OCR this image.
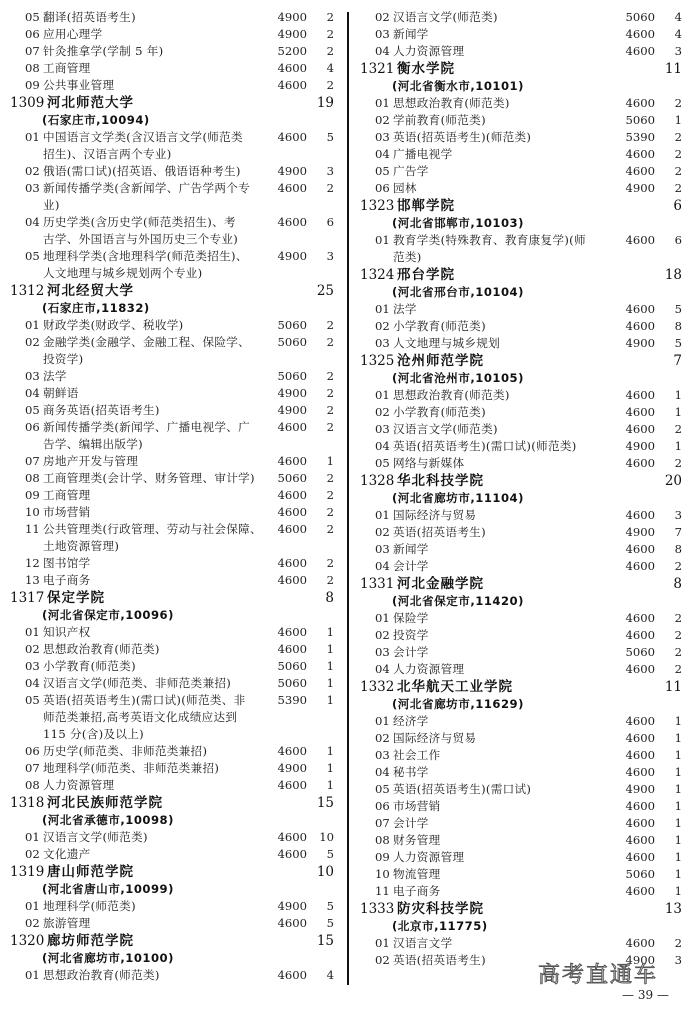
05 翻译(招英语考生)	4900	2
06 应用心理学	4900	2
07 针灸推拿学(学制 5 年)	5200	2
08 工商管理	4600	4
09 公共事业管理	4600	2
1309 河北师范大学	19
(石家庄市,10094)
01 中国语言文学类(含汉语言文学(师范类	4600	5
招生)、汉语言两个专业)
02 俄语(需口试)(招英语、俄语语种考生)	4900	3
03 新闻传播学类(含新闻学、广告学两个专	4600	2
业)
04 历史学类(含历史学(师范类招生)、考	4600	6
古学、外国语言与外国历史三个专业)
05 地理科学类(含地理科学(师范类招生)、	4900	3
人文地理与城乡规划两个专业)
1312 河北经贸大学	25
(石家庄市,11832)
01 财政学类(财政学、税收学)	5060	2
02 金融学类(金融学、金融工程、保险学、	5060	2
投资学)
03 法学	5060	2
04 朝鲜语	4900	2
05 商务英语(招英语考生)	4900	2
06 新闻传播学类(新闻学、广播电视学、广	4600	2
告学、编辑出版学)
07 房地产开发与管理	4600	1
08 工商管理类(会计学、财务管理、审计学)	5060	2
09 工商管理	4600	2
10 市场营销	4600	2
11 公共管理类(行政管理、劳动与社会保障、	4600	2
土地资源管理)
12 图书馆学	4600	2
13 电子商务	4600	2
1317 保定学院	8
(河北省保定市,10096)
01 知识产权	4600	1
02 思想政治教育(师范类)	4600	1
03 小学教育(师范类)	5060	1
04 汉语言文学(师范类、非师范类兼招)	5060	1
05 英语(招英语考生)(需口试)(师范类、非	5390	1
师范类兼招,高考英语文化成绩应达到
115 分(含)及以上)
06 历史学(师范类、非师范类兼招)	4600	1
07 地理科学(师范类、非师范类兼招)	4900	1
08 人力资源管理	4600	1
1318 河北民族师范学院	15
(河北省承德市,10098)
01 汉语言文学(师范类)	4600	10
02 文化遗产	4600	5
1319 唐山师范学院	10
(河北省唐山市,10099)
01 地理科学(师范类)	4900	5
02 旅游管理	4600	5
1320 廊坊师范学院	15
(河北省廊坊市,10100)
01 思想政治教育(师范类)	4600	4
02 汉语言文学(师范类)	5060	4
03 新闻学	4600	4
04 人力资源管理	4600	3
1321 衡水学院	11
(河北省衡水市,10101)
01 思想政治教育(师范类)	4600	2
02 学前教育(师范类)	5060	1
03 英语(招英语考生)(师范类)	5390	2
04 广播电视学	4600	2
05 广告学	4600	2
06 园林	4900	2
1323 邯郸学院	6
(河北省邯郸市,10103)
01 教育学类(特殊教育、教育康复学)(师	4600	6
范类)
1324 邢台学院	18
(河北省邢台市,10104)
01 法学	4600	5
02 小学教育(师范类)	4600	8
03 人文地理与城乡规划	4900	5
1325 沧州师范学院	7
(河北省沧州市,10105)
01 思想政治教育(师范类)	4600	1
02 小学教育(师范类)	4600	1
03 汉语言文学(师范类)	4600	2
04 英语(招英语考生)(需口试)(师范类)	4900	1
05 网络与新媒体	4600	2
1328 华北科技学院	20
(河北省廊坊市,11104)
01 国际经济与贸易	4600	3
02 英语(招英语考生)	4900	7
03 新闻学	4600	8
04 会计学	4600	2
1331 河北金融学院	8
(河北省保定市,11420)
01 保险学	4600	2
02 投资学	4600	2
03 会计学	5060	2
04 人力资源管理	4600	2
1332 北华航天工业学院	11
(河北省廊坊市,11629)
01 经济学	4600	1
02 国际经济与贸易	4600	1
03 社会工作	4600	1
04 秘书学	4600	1
05 英语(招英语考生)(需口试)	4900	1
06 市场营销	4600	1
07 会计学	4600	1
08 财务管理	4600	1
09 人力资源管理	4600	1
10 物流管理	5060	1
11 电子商务	4600	1
1333 防灾科技学院	13
(北京市,11775)
01 汉语言文学	4600	2
02 英语(招英语考生)	4900	3
高考直通车
— 39 —
